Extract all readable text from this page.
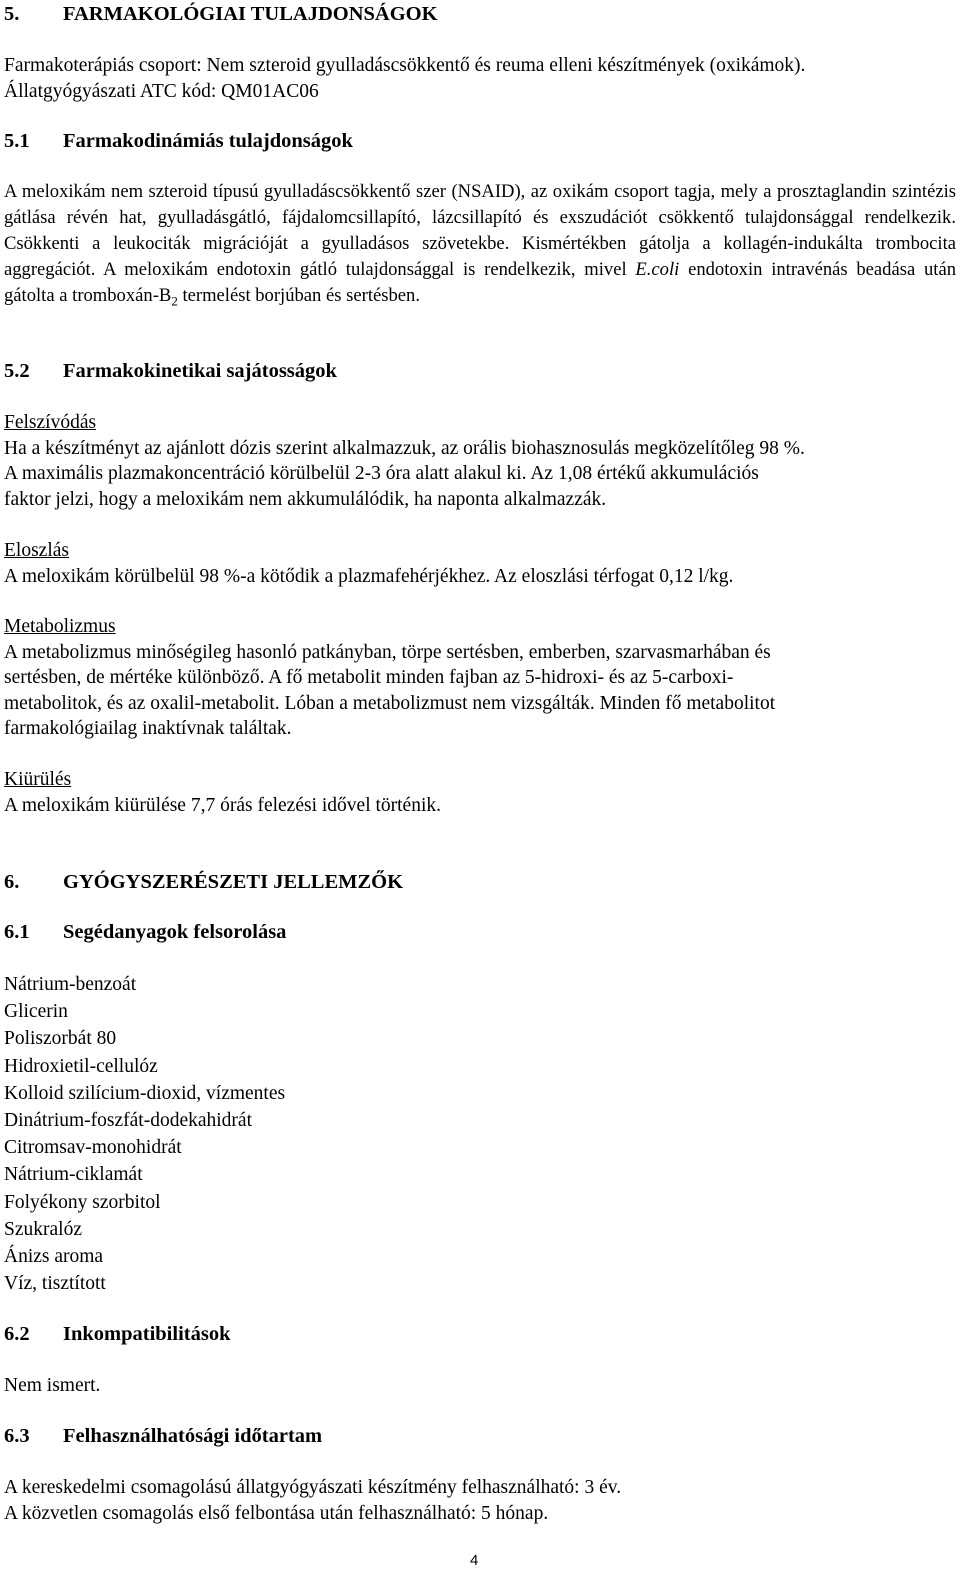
5. FARMAKOLÓGIAI TULAJDONSÁGOK
Farmakoterápiás csoport: Nem szteroid gyulladáscsökkentő és reuma elleni készítmények (oxikámok).
Állatgyógyászati ATC kód: QM01AC06
5.1 Farmakodinámiás tulajdonságok
A meloxikám nem szteroid típusú gyulladáscsökkentő szer (NSAID), az oxikám csoport tagja, mely a prosztaglandin szintézis gátlása révén hat, gyulladásgátló, fájdalomcsillapító, lázcsillapító és exszudációt csökkentő tulajdonsággal rendelkezik. Csökkenti a leukociták migrációját a gyulladásos szövetekbe. Kismértékben gátolja a kollagén-indukálta trombocita aggregációt. A meloxikám endotoxin gátló tulajdonsággal is rendelkezik, mivel E.coli endotoxin intravénás beadása után gátolta a tromboxán-$B_2$ termelést borjúban és sertésben.
5.2 Farmakokinetikai sajátosságok
Felszívódás
Ha a készítményt az ajánlott dózis szerint alkalmazzuk, az orális biohasznosulás megközelítőleg 98 %.
A maximális plazmakoncentráció körülbelül 2-3 óra alatt alakul ki. Az 1,08 értékű akkumulációs
faktor jelzi, hogy a meloxikám nem akkumulálódik, ha naponta alkalmazzák.
Eloszlás
A meloxikám körülbelül 98 %-a kötődik a plazmafehérjékhez. Az eloszlási térfogat 0,12 l/kg.
Metabolizmus
A metabolizmus minőségileg hasonló patkányban, törpe sertésben, emberben, szarvasmarhában és
sertésben, de mértéke különböző. A fő metabolit minden fajban az 5-hidroxi- és az 5-carboxi-
metabolitok, és az oxalil-metabolit. Lóban a metabolizmust nem vizsgálták. Minden fő metabolitot
farmakológiailag inaktívnak találtak.
Kiürülés
A meloxikám kiürülése 7,7 órás felezési idővel történik.
6. GYÓGYSZERÉSZETI JELLEMZŐK
6.1 Segédanyagok felsorolása
Nátrium-benzoát
Glicerin
Poliszorbát 80
Hidroxietil-cellulóz
Kolloid szilícium-dioxid, vízmentes
Dinátrium-foszfát-dodekahidrát
Citromsav-monohidrát
Nátrium-ciklamát
Folyékony szorbitol
Szukralóz
Ánizs aroma
Víz, tisztított
6.2 Inkompatibilitások
Nem ismert.
6.3 Felhasználhatósági időtartam
A kereskedelmi csomagolású állatgyógyászati készítmény felhasználható: 3 év.
A közvetlen csomagolás első felbontása után felhasználható: 5 hónap.
4
